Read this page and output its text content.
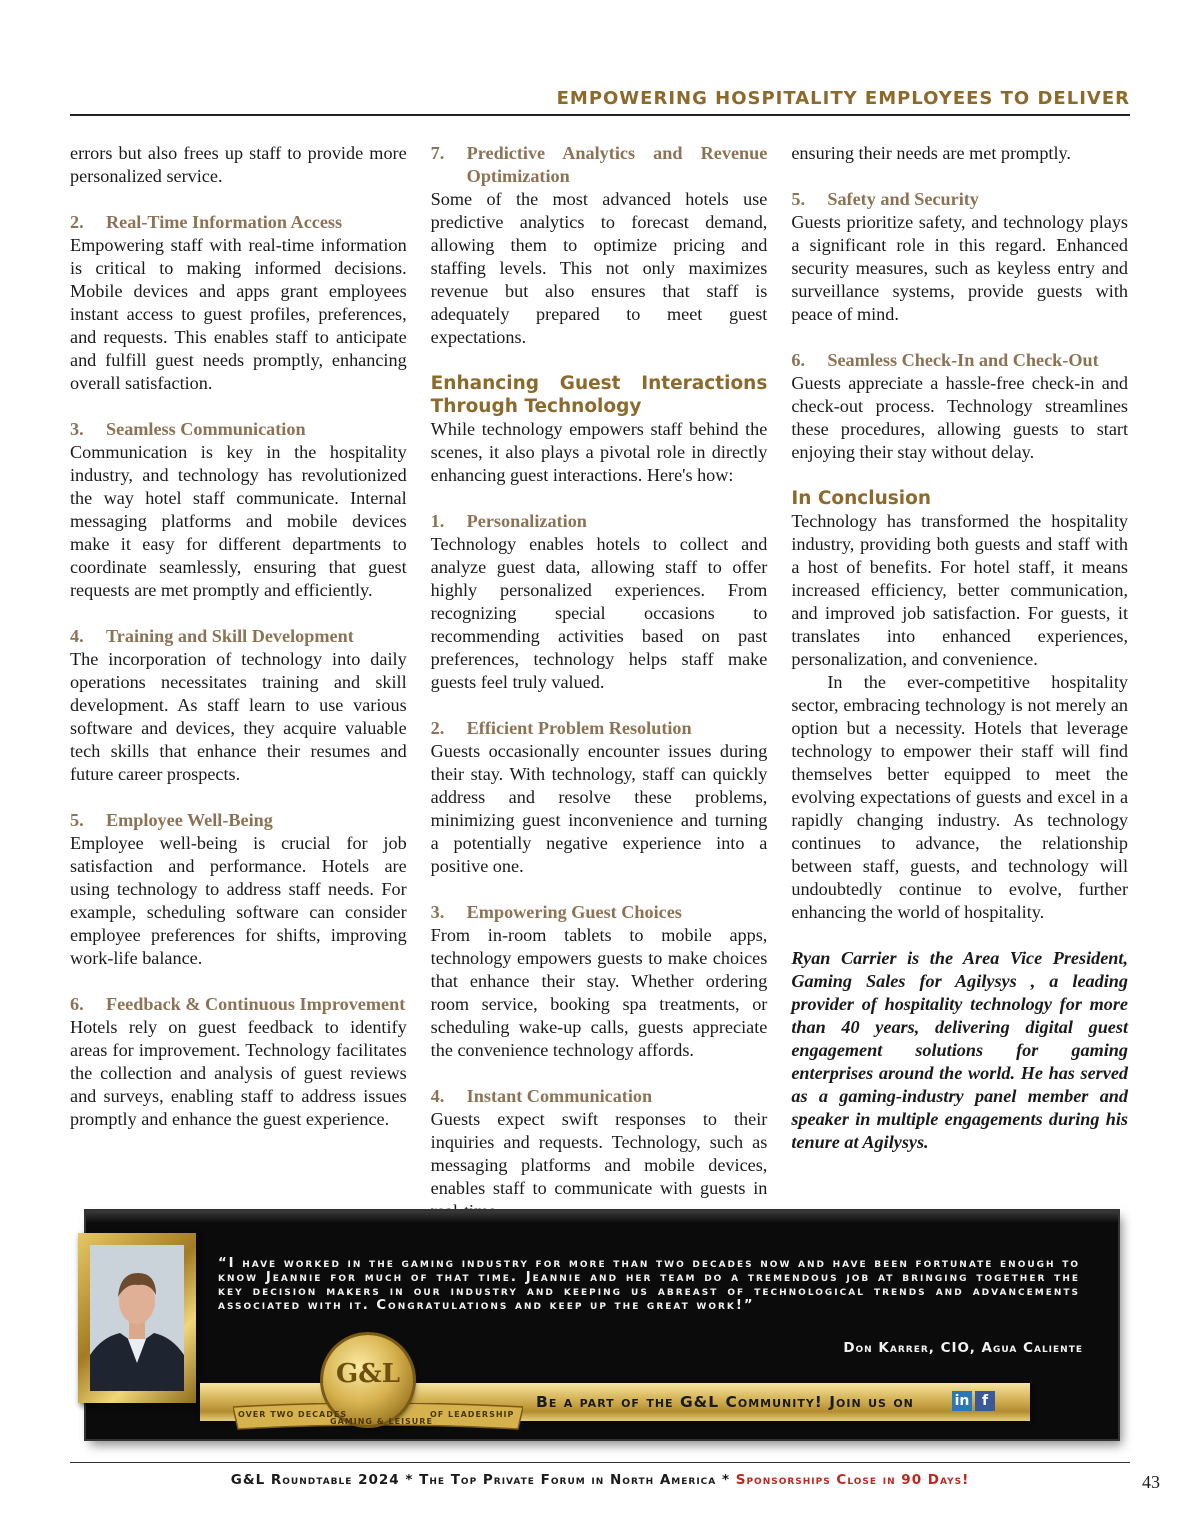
EMPOWERING HOSPITALITY EMPLOYEES TO DELIVER

errors but also frees up staff to provide more personalized service.

2.	Real-Time Information Access

Empowering staff with real-time information is critical to making informed decisions. Mobile devices and apps grant employees instant access to guest profiles, preferences, and requests. This enables staff to anticipate and fulfill guest needs promptly, enhancing overall satisfaction.

3.	Seamless Communication

Communication is key in the hospitality industry, and technology has revolutionized the way hotel staff communicate. Internal messaging platforms and mobile devices make it easy for different departments to coordinate seamlessly, ensuring that guest requests are met promptly and efficiently.

4.	Training and Skill Development

The incorporation of technology into daily operations necessitates training and skill development. As staff learn to use various software and devices, they acquire valuable tech skills that enhance their resumes and future career prospects.

5.	Employee Well-Being

Employee well-being is crucial for job satisfaction and performance. Hotels are using technology to address staff needs. For example, scheduling software can consider employee preferences for shifts, improving work-life balance.

6.	Feedback & Continuous Improvement

Hotels rely on guest feedback to identify areas for improvement. Technology facilitates the collection and analysis of guest reviews and surveys, enabling staff to address issues promptly and enhance the guest experience.

7.	Predictive Analytics and Revenue Optimization

Some of the most advanced hotels use predictive analytics to forecast demand, allowing them to optimize pricing and staffing levels. This not only maximizes revenue but also ensures that staff is adequately prepared to meet guest expectations.

Enhancing Guest Interactions Through Technology

While technology empowers staff behind the scenes, it also plays a pivotal role in directly enhancing guest interactions. Here's how:

1.	Personalization

Technology enables hotels to collect and analyze guest data, allowing staff to offer highly personalized experiences. From recognizing special occasions to recommending activities based on past preferences, technology helps staff make guests feel truly valued.

2.	Efficient Problem Resolution

Guests occasionally encounter issues during their stay. With technology, staff can quickly address and resolve these problems, minimizing guest inconvenience and turning a potentially negative experience into a positive one.

3.	Empowering Guest Choices

From in-room tablets to mobile apps, technology empowers guests to make choices that enhance their stay. Whether ordering room service, booking spa treatments, or scheduling wake-up calls, guests appreciate the convenience technology affords.

4.	Instant Communication

Guests expect swift responses to their inquiries and requests. Technology, such as messaging platforms and mobile devices, enables staff to communicate with guests in

ensuring their needs are met promptly.

5.	Safety and Security

Guests prioritize safety, and technology plays a significant role in this regard. Enhanced security measures, such as keyless entry and surveillance systems, provide guests with peace of mind.

6.	Seamless Check-In and Check-Out

Guests appreciate a hassle-free check-in and check-out process. Technology streamlines these procedures, allowing guests to start enjoying their stay without delay.

In Conclusion

Technology has transformed the hospitality industry, providing both guests and staff with a host of benefits. For hotel staff, it means increased efficiency, better communication, and improved job satisfaction. For guests, it translates into enhanced experiences, personalization, and convenience.

In the ever-competitive hospitality sector, embracing technology is not merely an option but a necessity. Hotels that leverage technology to empower their staff will find themselves better equipped to meet the evolving expectations of guests and excel in a rapidly changing industry. As technology continues to advance, the relationship between staff, guests, and technology will undoubtedly continue to evolve, further enhancing the world of hospitality.

Ryan Carrier is the Area Vice President, Gaming Sales for Agilysys , a leading provider of hospitality technology for more than 40 years, delivering digital guest engagement solutions for gaming enterprises around the world. He has served as a gaming-industry panel member and speaker in multiple engagements during his tenure at Agilysys.

“I have worked in the gaming industry for more than two decades now and have been fortunate enough to know Jeannie for much of that time. Jeannie and her team do a tremendous job at bringing together the key decision makers in our industry and keeping us abreast of technological trends and advancements associated with it. Congratulations and keep up the great work!”
Don Karrer, CIO, Agua Caliente
Be a part of the G&L Community! Join us on	in f
G&L
OVER TWO DECADES
GAMING & LEISURE
OF LEADERSHIP
G&L Roundtable 2024 * The Top Private Forum in North America * Sponsorships Close in 90 Days!	43
